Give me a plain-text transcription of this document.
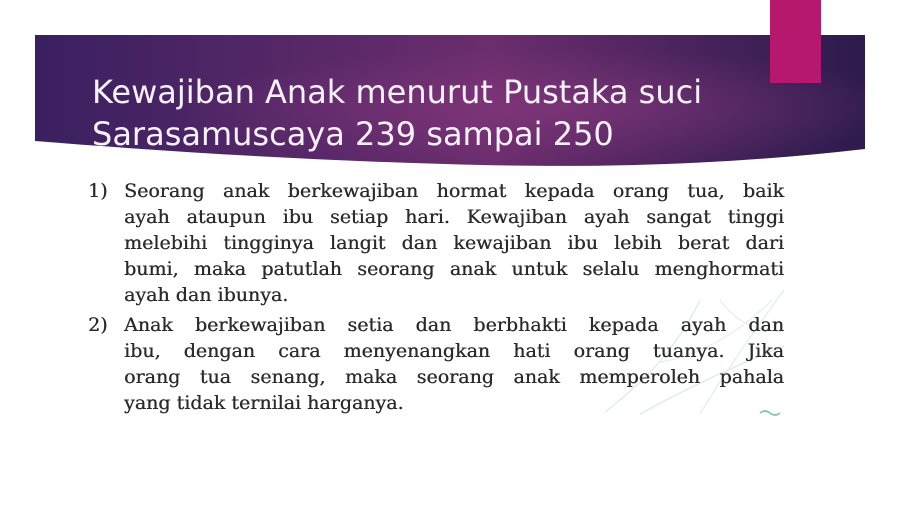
Kewajiban Anak menurut Pustaka suci
Sarasamuscaya 239 sampai 250
1) Seorang anak berkewajiban hormat kepada orang tua, baik
ayah ataupun ibu setiap hari. Kewajiban ayah sangat tinggi
melebihi tingginya langit dan kewajiban ibu lebih berat dari
bumi, maka patutlah seorang anak untuk selalu menghormati
ayah dan ibunya.
2) Anak berkewajiban setia dan berbhakti kepada ayah dan
ibu, dengan cara menyenangkan hati orang tuanya. Jika
orang tua senang, maka seorang anak memperoleh pahala
yang tidak ternilai harganya.
